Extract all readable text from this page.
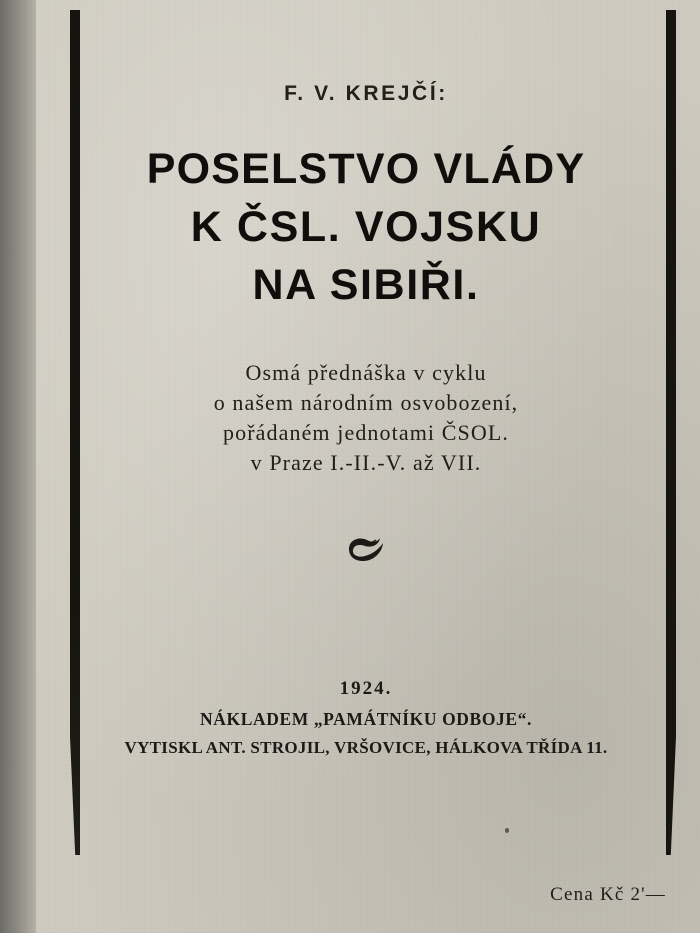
F. V. KREJČÍ:
POSELSTVO VLÁDY
K ČSL. VOJSKU
NA SIBIŘI.
Osmá přednáška v cyklu
o našem národním osvobození,
pořádaném jednotami ČSOL.
v Praze I.-II.-V. až VII.
1924.
NÁKLADEM „PAMÁTNÍKU ODBOJE“.
VYTISKL ANT. STROJIL, VRŠOVICE, HÁLKOVA TŘÍDA 11.
Cena Kč 2'—
